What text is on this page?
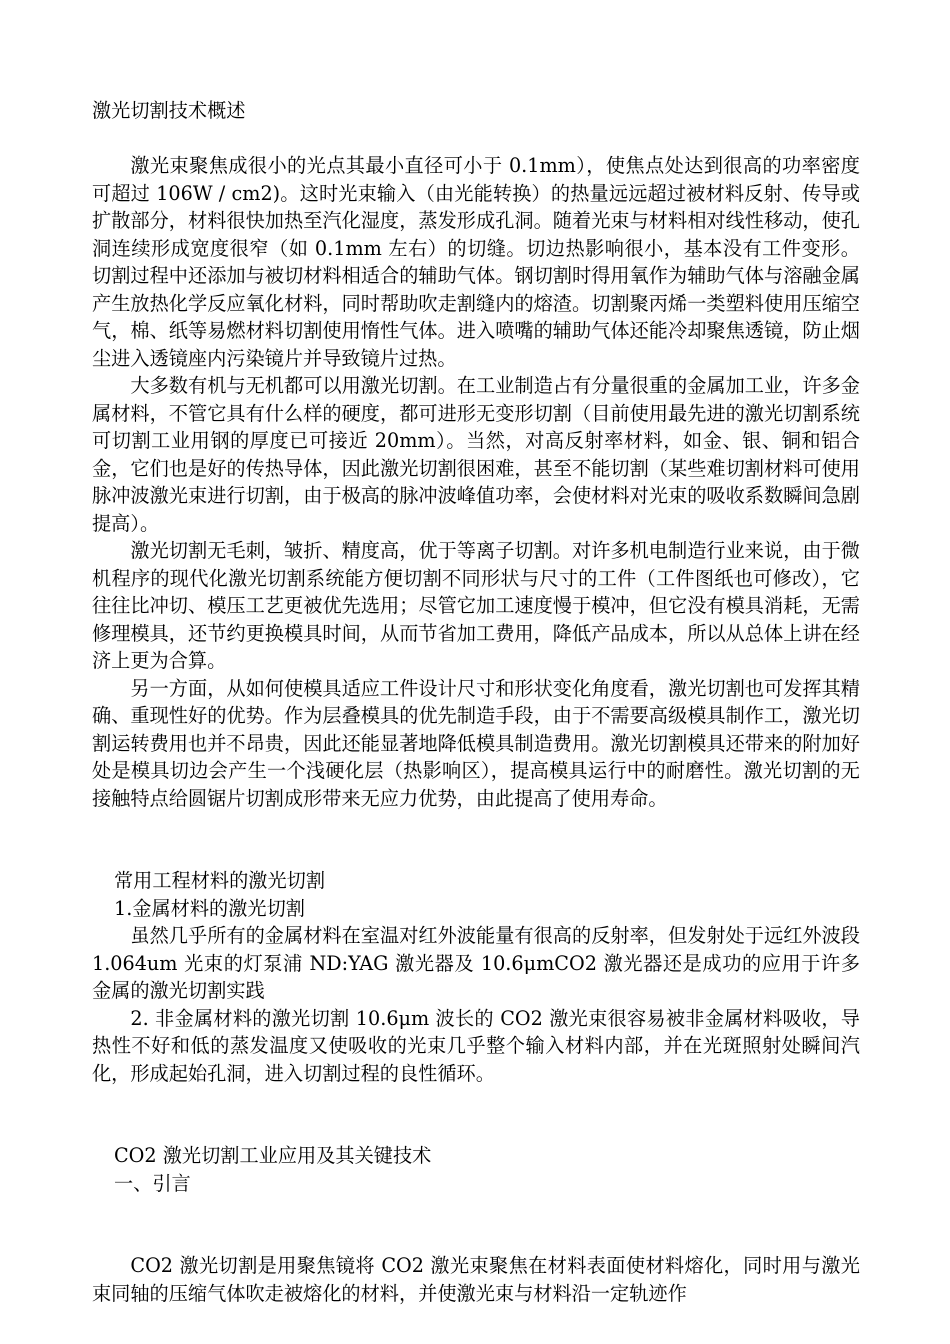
激光切割技术概述

激光束聚焦成很小的光点其最小直径可小于 0.1mm），使焦点处达到很高的功率密度可超过 106W / cm2)。这时光束输入（由光能转换）的热量远远超过被材料反射、传导或扩散部分，材料很快加热至汽化湿度，蒸发形成孔洞。随着光束与材料相对线性移动，使孔洞连续形成宽度很窄（如 0.1mm 左右）的切缝。切边热影响很小，基本没有工件变形。切割过程中还添加与被切材料相适合的辅助气体。钢切割时得用氧作为辅助气体与溶融金属产生放热化学反应氧化材料，同时帮助吹走割缝内的熔渣。切割聚丙烯一类塑料使用压缩空气，棉、纸等易燃材料切割使用惰性气体。进入喷嘴的辅助气体还能冷却聚焦透镜，防止烟尘进入透镜座内污染镜片并导致镜片过热。

大多数有机与无机都可以用激光切割。在工业制造占有分量很重的金属加工业，许多金属材料，不管它具有什么样的硬度，都可进形无变形切割（目前使用最先进的激光切割系统可切割工业用钢的厚度已可接近 20mm）。当然，对高反射率材料，如金、银、铜和铝合金，它们也是好的传热导体，因此激光切割很困难，甚至不能切割（某些难切割材料可使用脉冲波激光束进行切割，由于极高的脉冲波峰值功率，会使材料对光束的吸收系数瞬间急剧提高）。

激光切割无毛刺，皱折、精度高，优于等离子切割。对许多机电制造行业来说，由于微机程序的现代化激光切割系统能方便切割不同形状与尺寸的工件（工件图纸也可修改），它往往比冲切、模压工艺更被优先选用；尽管它加工速度慢于模冲，但它没有模具消耗，无需修理模具，还节约更换模具时间，从而节省加工费用，降低产品成本，所以从总体上讲在经济上更为合算。

另一方面，从如何使模具适应工件设计尺寸和形状变化角度看，激光切割也可发挥其精确、重现性好的优势。作为层叠模具的优先制造手段，由于不需要高级模具制作工，激光切割运转费用也并不昂贵，因此还能显著地降低模具制造费用。激光切割模具还带来的附加好处是模具切边会产生一个浅硬化层（热影响区），提高模具运行中的耐磨性。激光切割的无接触特点给圆锯片切割成形带来无应力优势，由此提高了使用寿命。

常用工程材料的激光切割

1.金属材料的激光切割

虽然几乎所有的金属材料在室温对红外波能量有很高的反射率，但发射处于远红外波段 1.064um 光束的灯泵浦 ND:YAG 激光器及 10.6μmCO2 激光器还是成功的应用于许多金属的激光切割实践

2. 非金属材料的激光切割 10.6μm 波长的 CO2 激光束很容易被非金属材料吸收，导热性不好和低的蒸发温度又使吸收的光束几乎整个输入材料内部，并在光斑照射处瞬间汽化，形成起始孔洞，进入切割过程的良性循环。

CO2 激光切割工业应用及其关键技术

一、引言

CO2 激光切割是用聚焦镜将 CO2 激光束聚焦在材料表面使材料熔化，同时用与激光束同轴的压缩气体吹走被熔化的材料，并使激光束与材料沿一定轨迹作
